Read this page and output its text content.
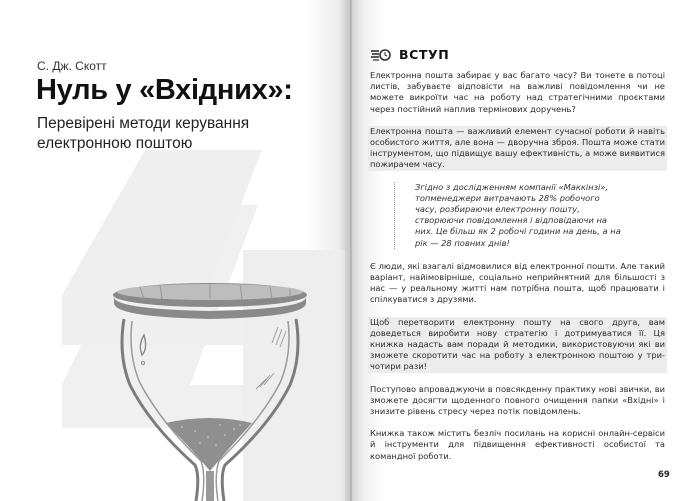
С. Дж. Скотт
Нуль у «Вхідних»:
Перевірені методи керування електронною поштою
ВСТУП

Електронна пошта забирає у вас багато часу? Ви тонете в потоці листів, забуваєте відповісти на важливі повідомлення чи не можете викроїти час на роботу над стратегічними проєктами через постійний наплив термінових доручень?

Електронна пошта — важливий елемент сучасної роботи й навіть особистого життя, але вона — дворучна зброя. Пошта може стати інструментом, що підвищує вашу ефективність, а може виявитися пожирачем часу.

Згідно з дослідженням компанії «Маккінзі», топменеджери витрачають 28% робочого часу, розбираючи електронну пошту, створюючи повідомлення і відповідаючи на них. Це більш як 2 робочі години на день, а на рік — 28 повних днів!

Є люди, які взагалі відмовилися від електронної пошти. Але такий варіант, найімовірніше, соціально неприйнятний для більшості з нас — у реальному житті нам потрібна пошта, щоб працювати і спілкуватися з друзями.

Щоб перетворити електронну пошту на свого друга, вам доведеться виробити нову стратегію і дотримуватися її. Ця книжка надасть вам поради й методики, використовуючи які ви зможете скоротити час на роботу з електронною поштою у три-чотири рази!

Поступово впроваджуючи в повсякденну практику нові звички, ви зможете досягти щоденного повного очищення папки «Вхідні» і знизите рівень стресу через потік повідомлень.

Книжка також містить безліч посилань на корисні онлайн-сервіси й інструменти для підвищення ефективності особистої та командної роботи.

69
